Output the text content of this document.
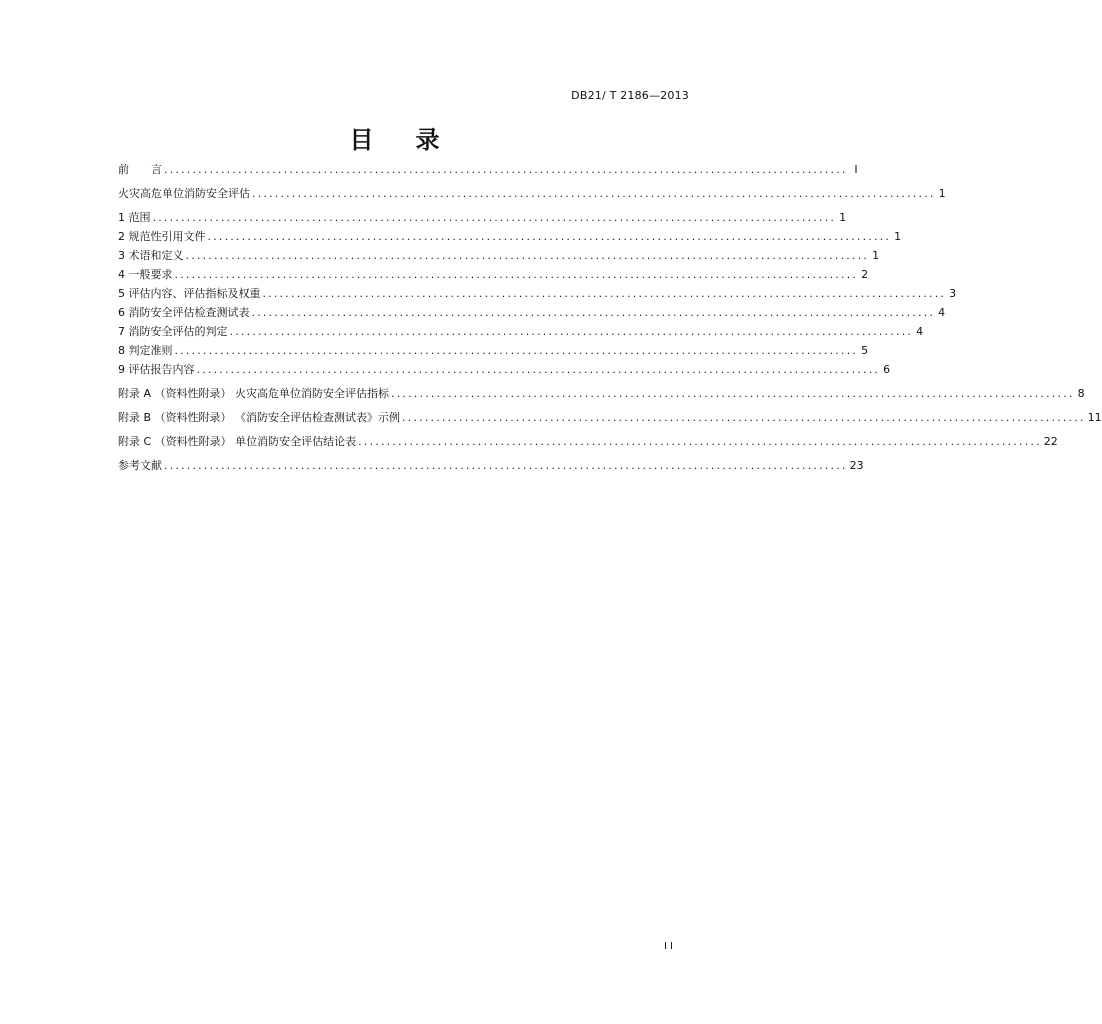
DB21/ T 2186—2013
目 录
前　　言 ........................................................................................................................ I
火灾高危单位消防安全评估 ........................................................................................................................ 1
1 范围 ........................................................................................................................ 1
2 规范性引用文件 ........................................................................................................................ 1
3 术语和定义 ........................................................................................................................ 1
4 一般要求 ........................................................................................................................ 2
5 评估内容、评估指标及权重 ........................................................................................................................ 3
6 消防安全评估检查测试表 ........................................................................................................................ 4
7 消防安全评估的判定 ........................................................................................................................ 4
8 判定准则 ........................................................................................................................ 5
9 评估报告内容 ........................................................................................................................ 6
附录 A （资料性附录） 火灾高危单位消防安全评估指标 ........................................................................................................................ 8
附录 B （资料性附录） 《消防安全评估检查测试表》示例 ........................................................................................................................ 11
附录 C （资料性附录） 单位消防安全评估结论表 ........................................................................................................................ 22
参考文献 ........................................................................................................................ 23
II
